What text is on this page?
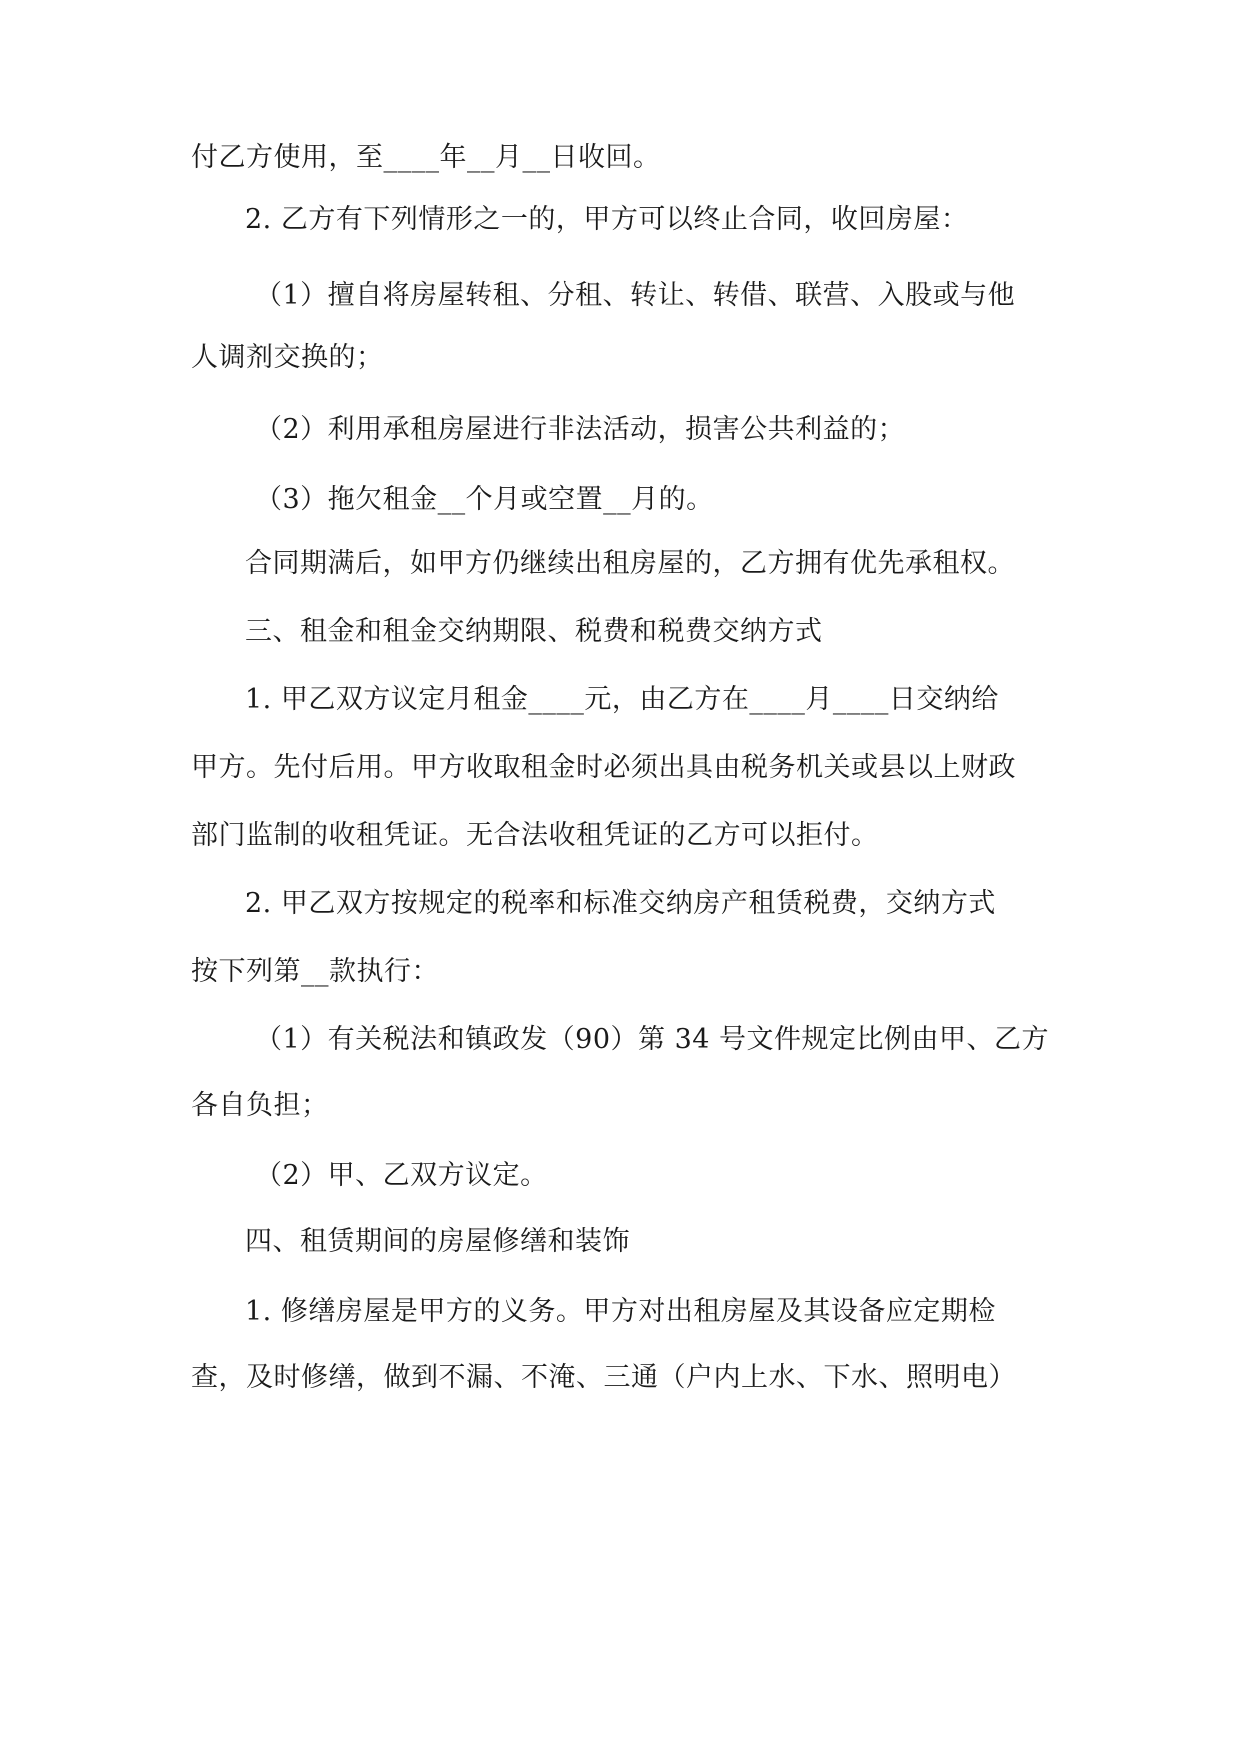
付乙方使用，至____年__月__日收回。
2. 乙方有下列情形之一的，甲方可以终止合同，收回房屋：
（1）擅自将房屋转租、分租、转让、转借、联营、入股或与他
人调剂交换的；
（2）利用承租房屋进行非法活动，损害公共利益的；
（3）拖欠租金__个月或空置__月的。
合同期满后，如甲方仍继续出租房屋的，乙方拥有优先承租权。
三、租金和租金交纳期限、税费和税费交纳方式
1. 甲乙双方议定月租金____元，由乙方在____月____日交纳给
甲方。先付后用。甲方收取租金时必须出具由税务机关或县以上财政
部门监制的收租凭证。无合法收租凭证的乙方可以拒付。
2. 甲乙双方按规定的税率和标准交纳房产租赁税费，交纳方式
按下列第__款执行：
（1）有关税法和镇政发（90）第 34 号文件规定比例由甲、乙方
各自负担；
（2）甲、乙双方议定。
四、租赁期间的房屋修缮和装饰
1. 修缮房屋是甲方的义务。甲方对出租房屋及其设备应定期检
查，及时修缮，做到不漏、不淹、三通（户内上水、下水、照明电）
